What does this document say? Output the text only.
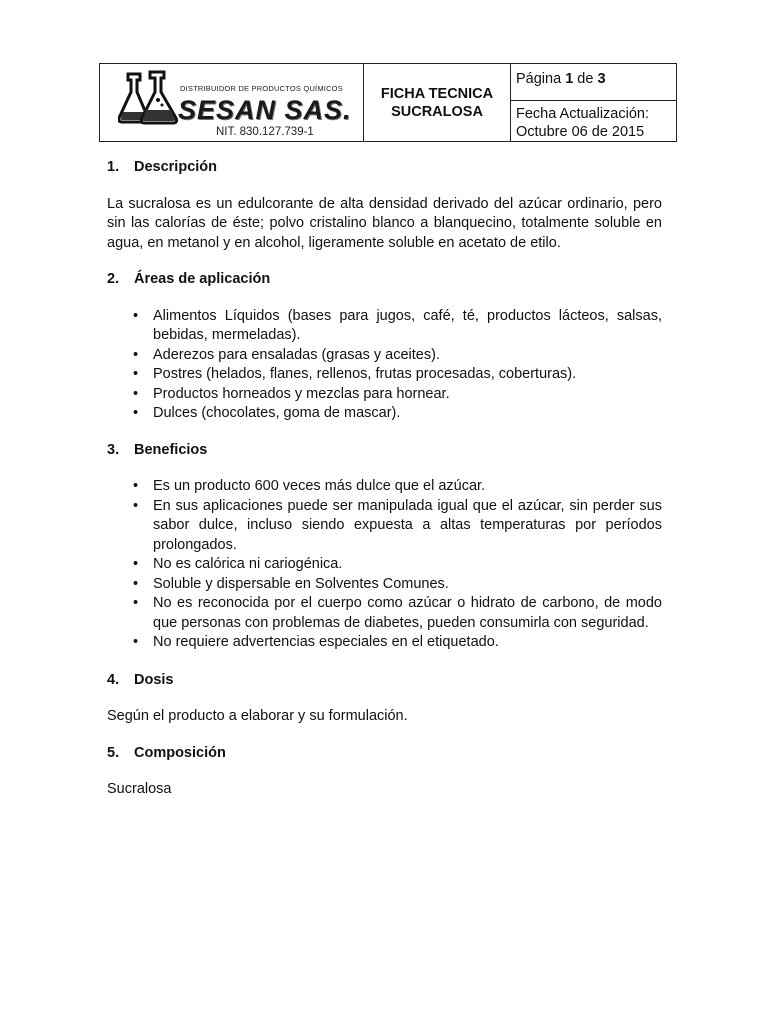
DISTRIBUIDOR DE PRODUCTOS QUÍMICOS
SESAN SAS.
NIT. 830.127.739-1
FICHA TECNICA
SUCRALOSA
Página 1 de 3
Fecha Actualización:
Octubre 06 de 2015
1.	Descripción

La sucralosa es un edulcorante de alta densidad derivado del azúcar ordinario, pero sin las calorías de éste; polvo cristalino blanco a blanquecino, totalmente soluble en agua, en metanol y en alcohol, ligeramente soluble en acetato de etilo.

2.	Áreas de aplicación
• Alimentos Líquidos (bases para jugos, café, té, productos lácteos, salsas, bebidas, mermeladas).
• Aderezos para ensaladas (grasas y aceites).
• Postres (helados, flanes, rellenos, frutas procesadas, coberturas).
• Productos horneados y mezclas para hornear.
• Dulces (chocolates, goma de mascar).
3.	Beneficios
• Es un producto 600 veces más dulce que el azúcar.
• En sus aplicaciones puede ser manipulada igual que el azúcar, sin perder sus sabor dulce, incluso siendo expuesta a altas temperaturas por períodos prolongados.
• No es calórica ni cariogénica.
• Soluble y dispersable en Solventes Comunes.
• No es reconocida por el cuerpo como azúcar o hidrato de carbono, de modo que personas con problemas de diabetes, pueden consumirla con seguridad.
• No requiere advertencias especiales en el etiquetado.
4.	Dosis

Según el producto a elaborar y su formulación.

5.	Composición

Sucralosa
